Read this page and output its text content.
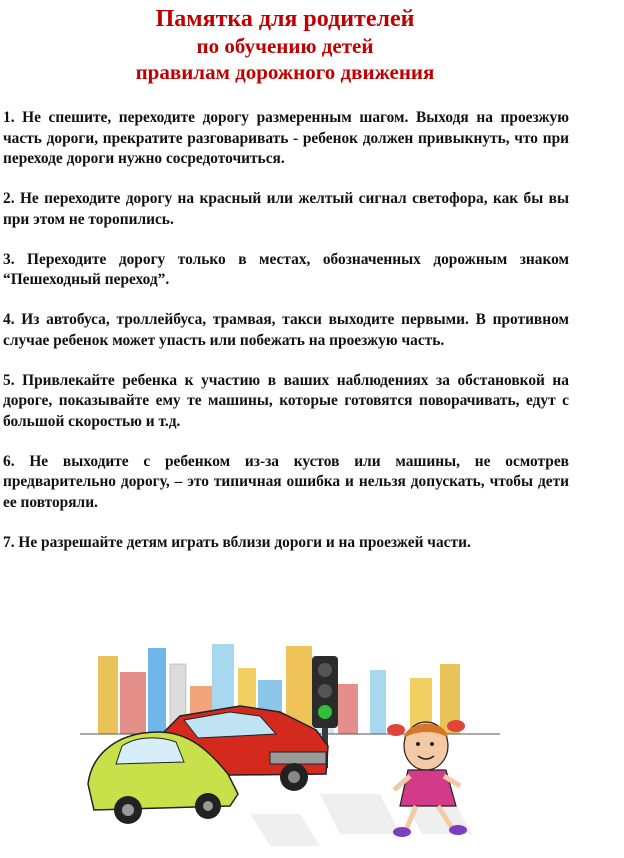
Памятка для родителей
по обучению детей
правилам дорожного движения

1. Не спешите, переходите дорогу размеренным шагом. Выходя на проезжую часть дороги, прекратите разговаривать - ребенок должен привыкнуть, что при переходе дороги нужно сосредоточиться.

2. Не переходите дорогу на красный или желтый сигнал светофора, как бы вы при этом не торопились.

3. Переходите дорогу только в местах, обозначенных дорожным знаком “Пешеходный переход”.

4. Из автобуса, троллейбуса, трамвая, такси выходите первыми. В противном случае ребенок может упасть или побежать на проезжую часть.

5. Привлекайте ребенка к участию в ваших наблюдениях за обстановкой на дороге, показывайте ему те машины, которые готовятся поворачивать, едут с большой скоростью и т.д.

6. Не выходите с ребенком из-за кустов или машины, не осмотрев предварительно дорогу, – это типичная ошибка и нельзя допускать, чтобы дети ее повторяли.

7. Не разрешайте детям играть вблизи дороги и на проезжей части.
